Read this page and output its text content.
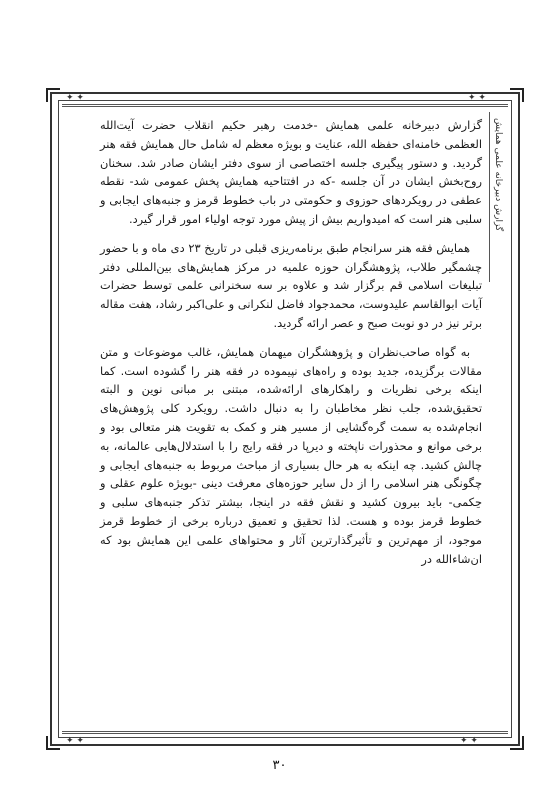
✦ ✦	✦ ✦
✦ ✦	✦ ✦
گزارش دبیرخانه علمی همایش

گزارش دبیرخانه علمی همایش -خدمت رهبر حکیم انقلاب حضرت آیت‌الله العظمی خامنه‌ای حفظه الله، عنایت و بویژه معظم له شامل حال همایش فقه هنر گردید. و دستور پیگیری جلسه اختصاصی از سوی دفتر ایشان صادر شد. سخنان روح‌بخش ایشان در آن جلسه -که در افتتاحیه همایش پخش عمومی شد- نقطه عطفی در رویکردهای حوزوی و حکومتی در باب خطوط قرمز و جنبه‌های ایجابی و سلبی هنر است که امیدواریم بیش از پیش مورد توجه اولیاء امور قرار گیرد.

همایش فقه هنر سرانجام طبق برنامه‌ریزی قبلی در تاریخ ۲۳ دی ماه و با حضور چشمگیر طلاب، پژوهشگران حوزه علمیه در مرکز همایش‌های بین‌المللی دفتر تبلیغات اسلامی قم برگزار شد و علاوه بر سه سخنرانی علمی توسط حضرات آیات ابوالقاسم علیدوست، محمدجواد فاضل لنکرانی و علی‌اکبر رشاد، هفت مقاله برتر نیز در دو نوبت صبح و عصر ارائه گردید.

به گواه صاحب‌نظران و پژوهشگران میهمان همایش، غالب موضوعات و متن مقالات برگزیده، جدید بوده و راه‌های نپیموده در فقه هنر را گشوده است. کما اینکه برخی نظریات و راهکارهای ارائه‌شده، مبتنی بر مبانی نوین و البته تحقیق‌شده، جلب نظر مخاطبان را به دنبال داشت. رویکرد کلی پژوهش‌های انجام‌شده به سمت گره‌گشایی از مسیر هنر و کمک به تقویت هنر متعالی بود و برخی موانع و محذورات ناپخته و دیرپا در فقه رایج را با استدلال‌هایی عالمانه، به چالش کشید. چه اینکه به هر حال بسیاری از مباحث مربوط به جنبه‌های ایجابی و چگونگی هنر اسلامی را از دل سایر حوزه‌های معرفت دینی -بویژه علوم عقلی و حِکمی- باید بیرون کشید و نقش فقه در اینجا، بیشتر تذکر جنبه‌های سلبی و خطوط قرمز بوده و هست. لذا تحقیق و تعمیق درباره برخی از خطوط قرمز موجود، از مهم‌ترین و تأثیرگذارترین آثار و محتواهای علمی این همایش بود که ان‌شاءالله در

۳۰
